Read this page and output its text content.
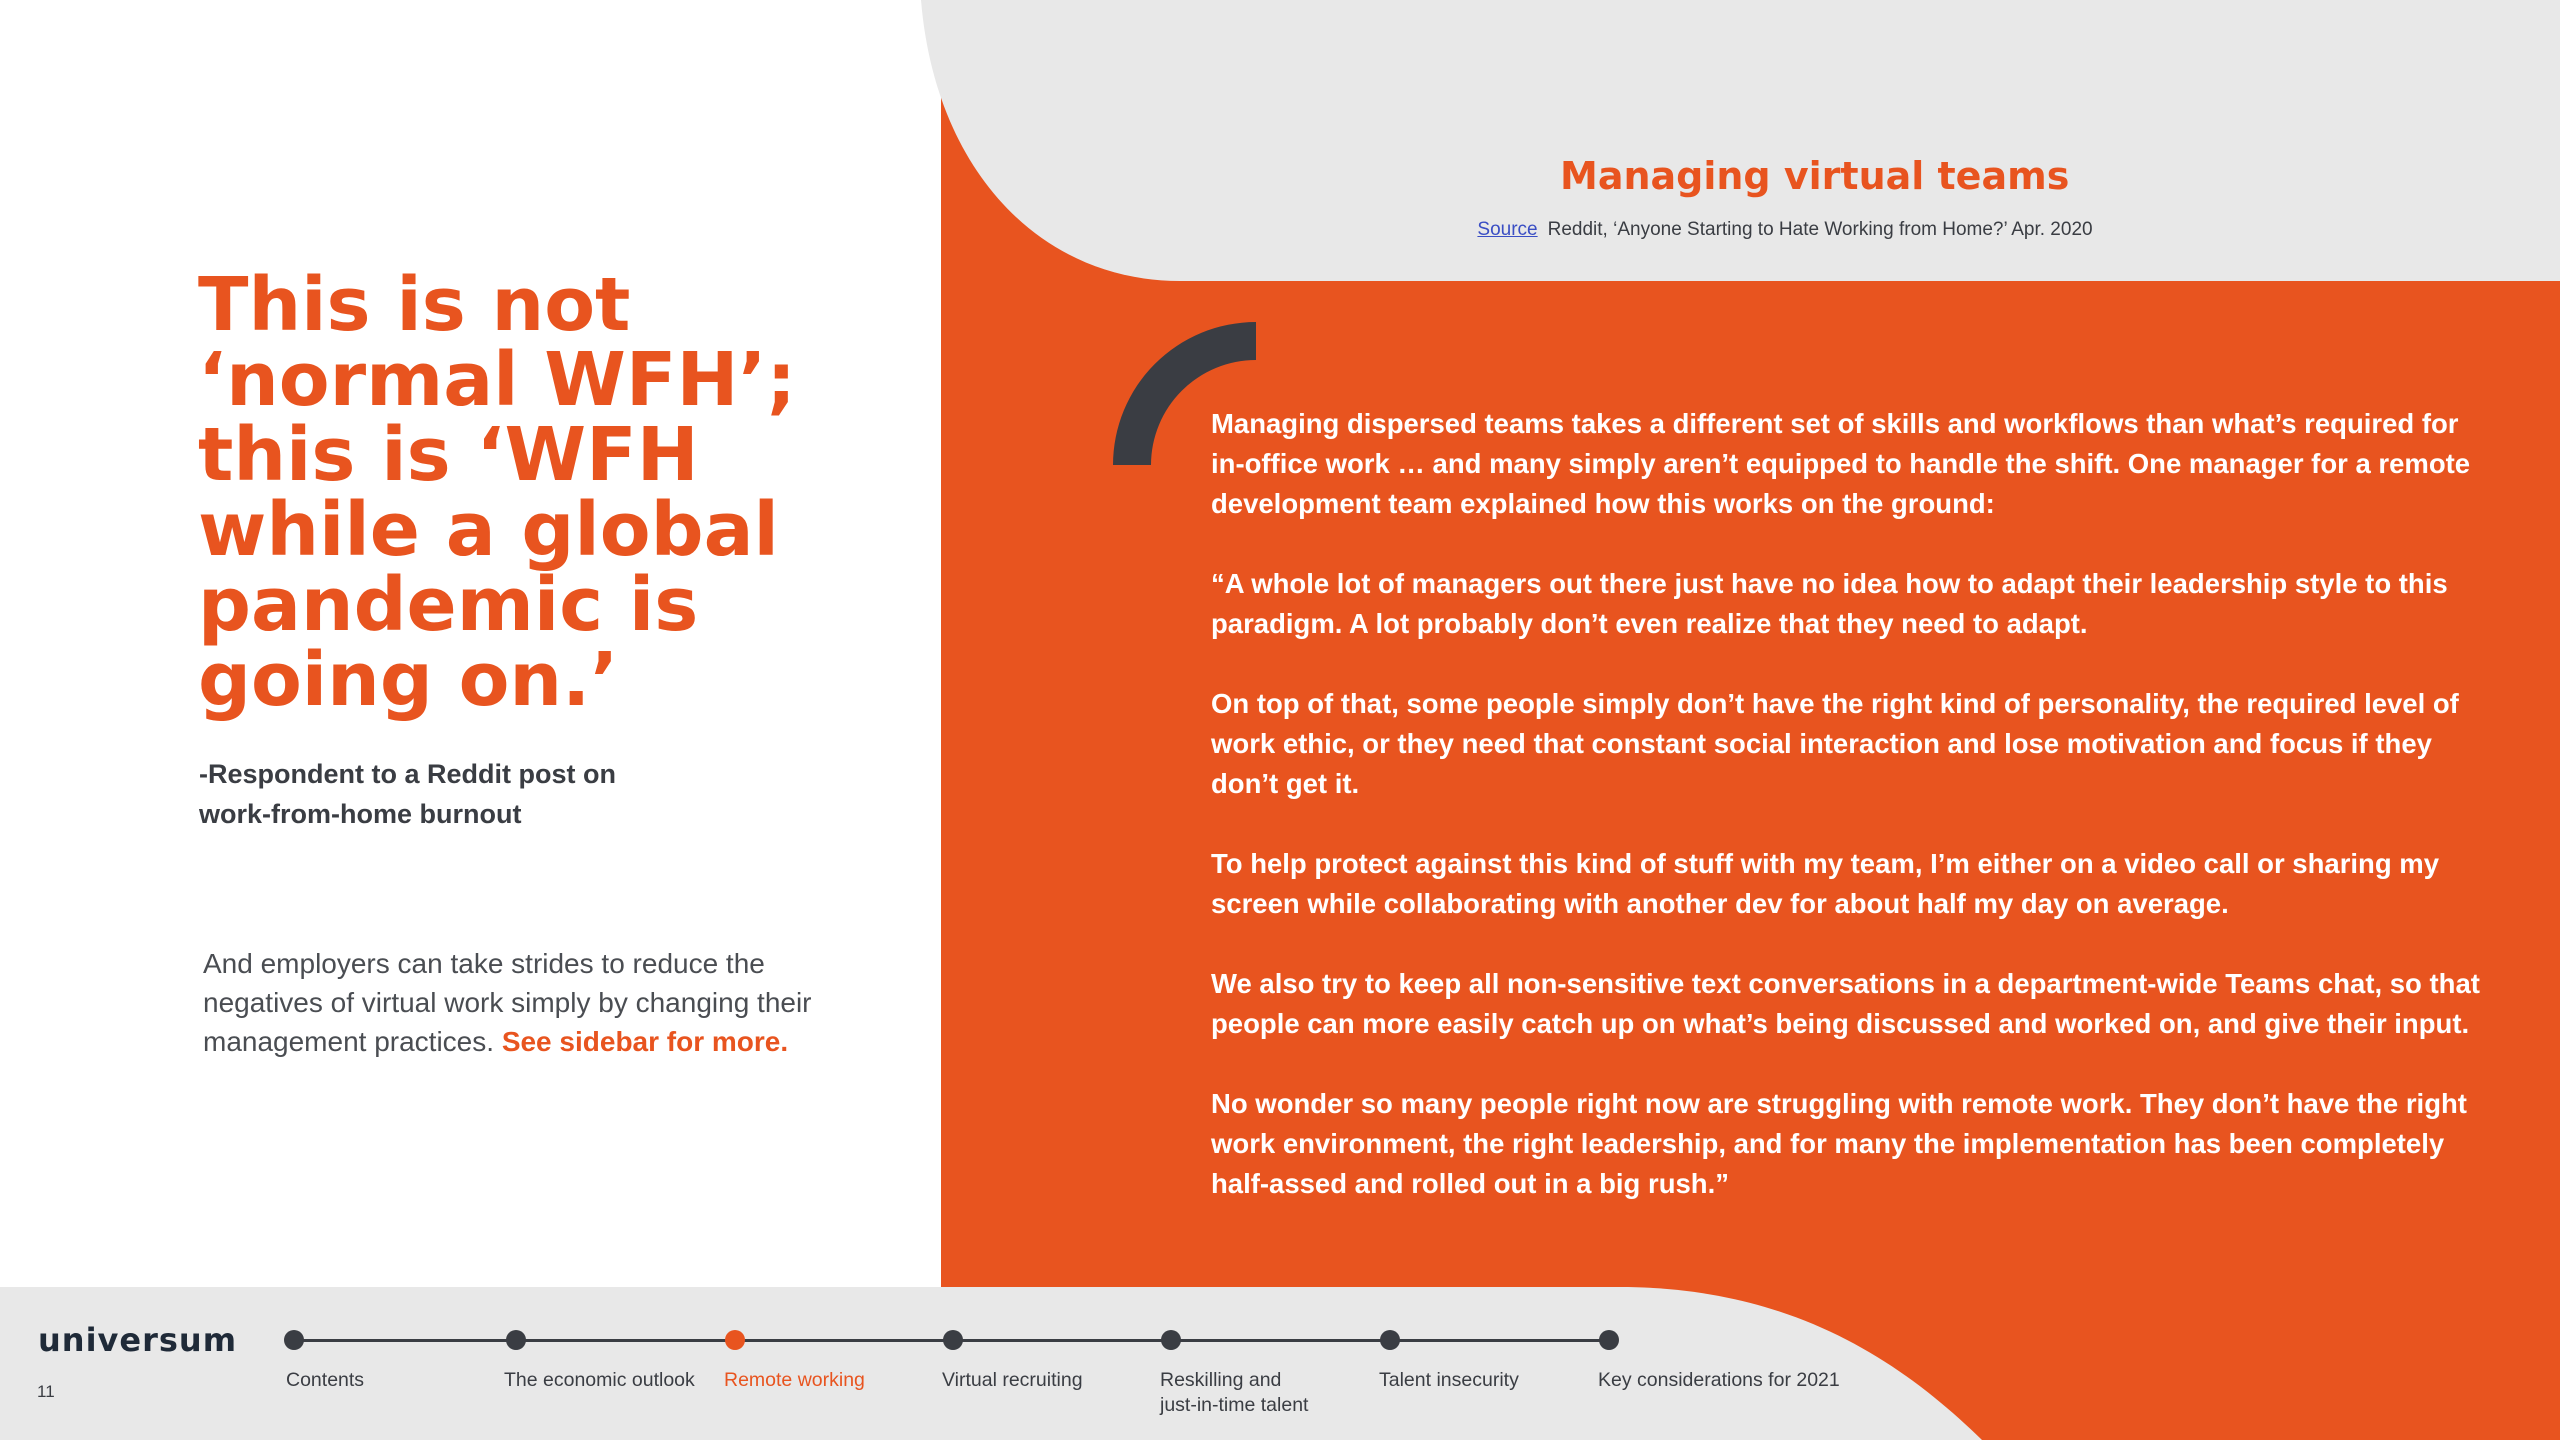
This is not
‘normal WFH’;
this is ‘WFH
while a global
pandemic is
going on.’
-Respondent to a Reddit post on
work-from-home burnout
And employers can take strides to reduce the
negatives of virtual work simply by changing their
management practices. See sidebar for more.
Managing virtual teams
Source Reddit, ‘Anyone Starting to Hate Working from Home?’ Apr. 2020
Managing dispersed teams takes a different set of skills and workflows than what’s required for
in-office work … and many simply aren’t equipped to handle the shift. One manager for a remote
development team explained how this works on the ground:
“A whole lot of managers out there just have no idea how to adapt their leadership style to this
paradigm. A lot probably don’t even realize that they need to adapt.
On top of that, some people simply don’t have the right kind of personality, the required level of
work ethic, or they need that constant social interaction and lose motivation and focus if they
don’t get it.
To help protect against this kind of stuff with my team, I’m either on a video call or sharing my
screen while collaborating with another dev for about half my day on average.
We also try to keep all non-sensitive text conversations in a department-wide Teams chat, so that
people can more easily catch up on what’s being discussed and worked on, and give their input.
No wonder so many people right now are struggling with remote work. They don’t have the right
work environment, the right leadership, and for many the implementation has been completely
half-assed and rolled out in a big rush.”
universum
11
Contents	The economic outlook Remote working	Virtual recruiting	Reskilling and
just-in-time talent
Talent insecurity	Key considerations for 2021
